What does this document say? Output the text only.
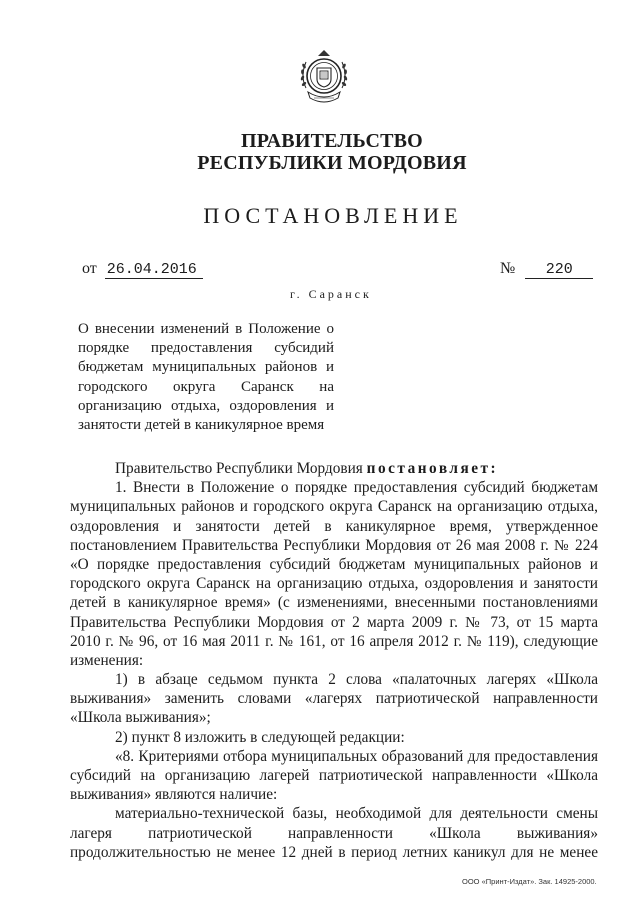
ПРАВИТЕЛЬСТВО
РЕСПУБЛИКИ МОРДОВИЯ
ПОСТАНОВЛЕНИЕ
от 26.04.2016	№ 220
г. Саранск
О внесении изменений в Положение о
порядке предоставления субсидий
бюджетам муниципальных районов и
городского округа Саранск на
организацию отдыха, оздоровления и
занятости детей в каникулярное время
Правительство Республики Мордовия постановляет:
1. Внести в Положение о порядке предоставления субсидий бюджетам
муниципальных районов и городского округа Саранск на организацию отдыха,
оздоровления и занятости детей в каникулярное время, утвержденное
постановлением Правительства Республики Мордовия от 26 мая 2008 г. № 224
«О порядке предоставления субсидий бюджетам муниципальных районов и
городского округа Саранск на организацию отдыха, оздоровления и занятости
детей в каникулярное время» (с изменениями, внесенными постановлениями
Правительства Республики Мордовия от 2 марта 2009 г. № 73, от 15 марта
2010 г. № 96, от 16 мая 2011 г. № 161, от 16 апреля 2012 г. № 119), следующие
изменения:
1) в абзаце седьмом пункта 2 слова «палаточных лагерях «Школа
выживания» заменить словами «лагерях патриотической направленности
«Школа выживания»;
2) пункт 8 изложить в следующей редакции:
«8. Критериями отбора муниципальных образований для предоставления
субсидий на организацию лагерей патриотической направленности «Школа
выживания» являются наличие:
материально-технической базы, необходимой для деятельности смены
лагеря патриотической направленности «Школа выживания»
продолжительностью не менее 12 дней в период летних каникул для не менее
ООО «Принт-Издат». Зак. 14925-2000.
